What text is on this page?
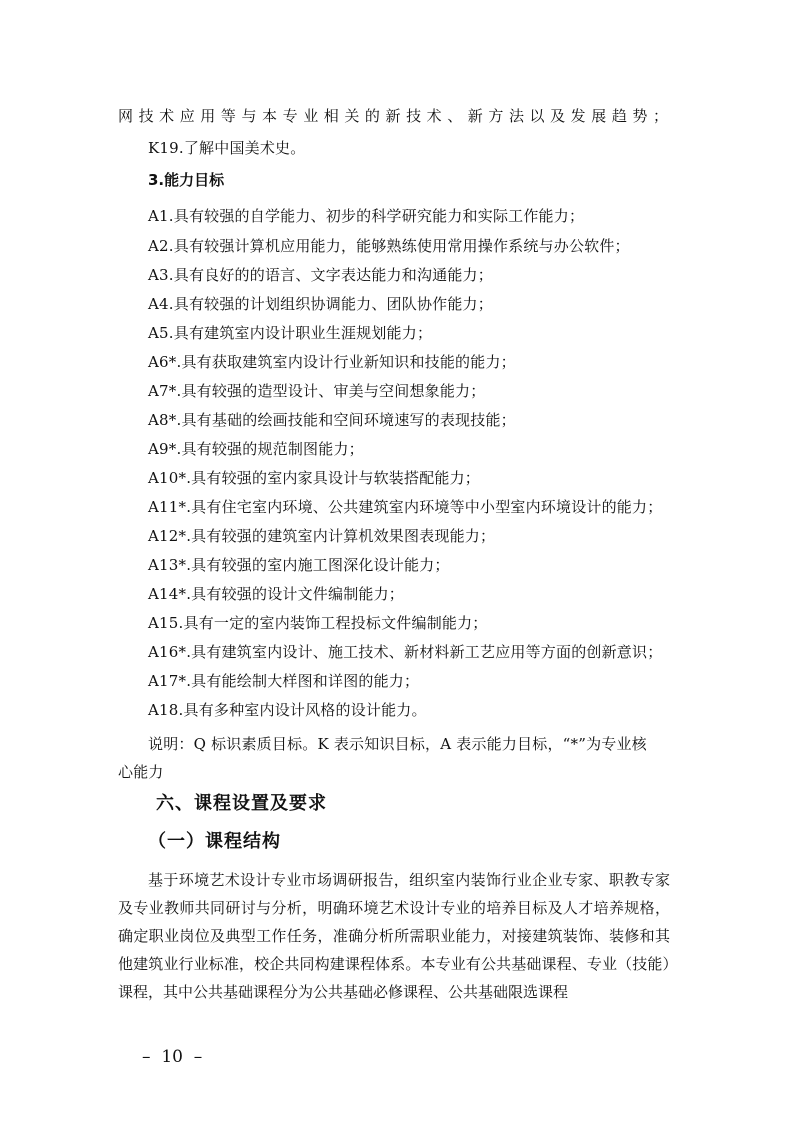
网技术应用等与本专业相关的新技术、新方法以及发展趋势；
K19.了解中国美术史。
3.能力目标
A1.具有较强的自学能力、初步的科学研究能力和实际工作能力；
A2.具有较强计算机应用能力，能够熟练使用常用操作系统与办公软件；
A3.具有良好的的语言、文字表达能力和沟通能力；
A4.具有较强的计划组织协调能力、团队协作能力；
A5.具有建筑室内设计职业生涯规划能力；
A6*.具有获取建筑室内设计行业新知识和技能的能力；
A7*.具有较强的造型设计、审美与空间想象能力；
A8*.具有基础的绘画技能和空间环境速写的表现技能；
A9*.具有较强的规范制图能力；
A10*.具有较强的室内家具设计与软装搭配能力；
A11*.具有住宅室内环境、公共建筑室内环境等中小型室内环境设计的能力；
A12*.具有较强的建筑室内计算机效果图表现能力；
A13*.具有较强的室内施工图深化设计能力；
A14*.具有较强的设计文件编制能力；
A15.具有一定的室内装饰工程投标文件编制能力；
A16*.具有建筑室内设计、施工技术、新材料新工艺应用等方面的创新意识；
A17*.具有能绘制大样图和详图的能力；
A18.具有多种室内设计风格的设计能力。
说明：Q 标识素质目标。K 表示知识目标，A 表示能力目标，“*”为专业核
心能力
六、课程设置及要求
（一）课程结构
基于环境艺术设计专业市场调研报告，组织室内装饰行业企业专家、职教专家及专业教师共同研讨与分析，明确环境艺术设计专业的培养目标及人才培养规格，确定职业岗位及典型工作任务，准确分析所需职业能力，对接建筑装饰、装修和其他建筑业行业标准，校企共同构建课程体系。本专业有公共基础课程、专业（技能）课程，其中公共基础课程分为公共基础必修课程、公共基础限选课程
–  10  –
